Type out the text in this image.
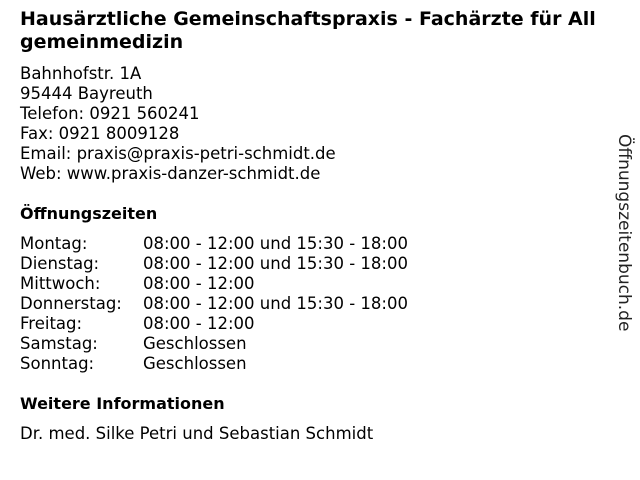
Hausärztliche Gemeinschaftspraxis - Fachärzte für All
gemeinmedizin
Bahnhofstr. 1A
95444 Bayreuth
Telefon: 0921 560241
Fax: 0921 8009128
Email: praxis@praxis-petri-schmidt.de
Web: www.praxis-danzer-schmidt.de
Öffnungszeiten
Montag:	08:00 - 12:00 und 15:30 - 18:00
Dienstag:	08:00 - 12:00 und 15:30 - 18:00
Mittwoch:	08:00 - 12:00
Donnerstag:	08:00 - 12:00 und 15:30 - 18:00
Freitag:	08:00 - 12:00
Samstag:	Geschlossen
Sonntag:	Geschlossen
Weitere Informationen
Dr. med. Silke Petri und Sebastian Schmidt
Öffnungszeitenbuch.de
